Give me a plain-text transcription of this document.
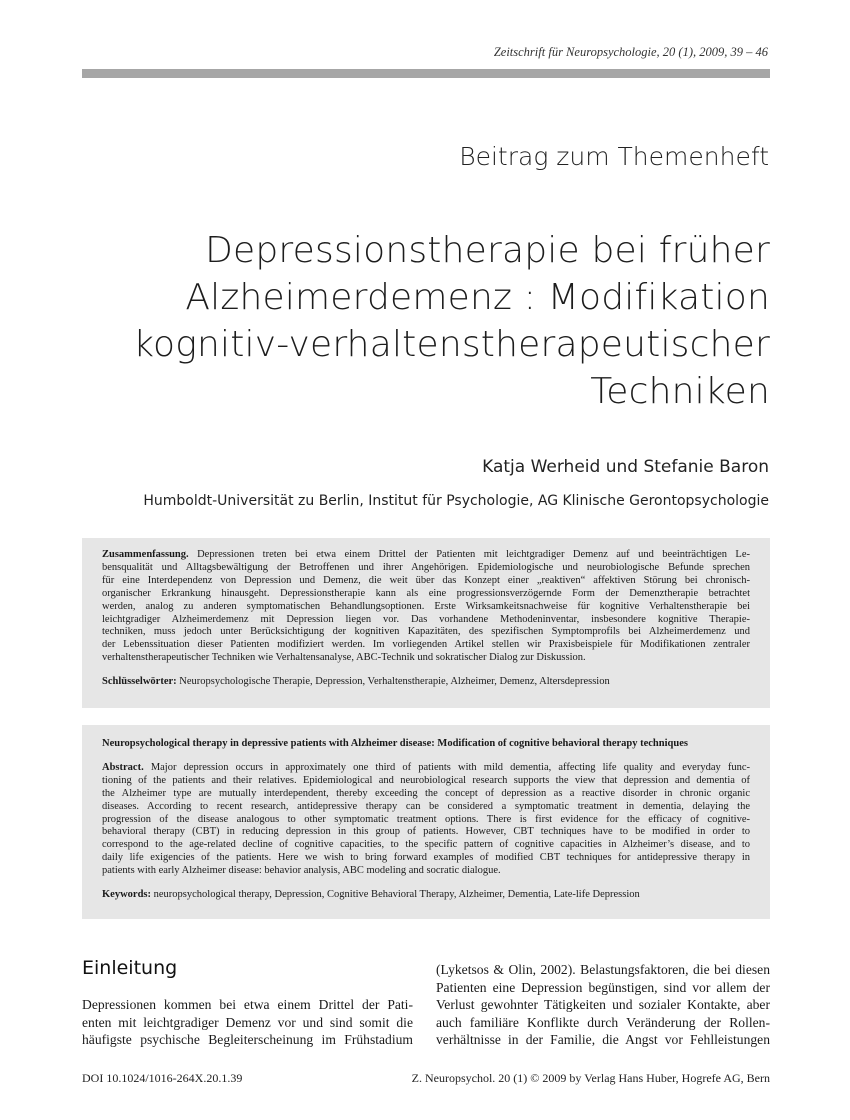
Zeitschrift für Neuropsychologie, 20 (1), 2009, 39 – 46
Beitrag zum Themenheft
Depressionstherapie bei früher
Alzheimerdemenz : Modifikation
kognitiv-verhaltenstherapeutischer
Techniken
Katja Werheid und Stefanie Baron
Humboldt-Universität zu Berlin, Institut für Psychologie, AG Klinische Gerontopsychologie

Zusammenfassung. Depressionen treten bei etwa einem Drittel der Patienten mit leichtgradiger Demenz auf und beeinträchtigen Le-
bensqualität und Alltagsbewältigung der Betroffenen und ihrer Angehörigen. Epidemiologische und neurobiologische Befunde sprechen
für eine Interdependenz von Depression und Demenz, die weit über das Konzept einer „reaktiven“ affektiven Störung bei chronisch-
organischer Erkrankung hinausgeht. Depressionstherapie kann als eine progressionsverzögernde Form der Demenztherapie betrachtet
werden, analog zu anderen symptomatischen Behandlungsoptionen. Erste Wirksamkeitsnachweise für kognitive Verhaltenstherapie bei
leichtgradiger Alzheimerdemenz mit Depression liegen vor. Das vorhandene Methodeninventar, insbesondere kognitive Therapie-
techniken, muss jedoch unter Berücksichtigung der kognitiven Kapazitäten, des spezifischen Symptomprofils bei Alzheimerdemenz und
der Lebenssituation dieser Patienten modifiziert werden. Im vorliegenden Artikel stellen wir Praxisbeispiele für Modifikationen zentraler
verhaltenstherapeutischer Techniken wie Verhaltensanalyse, ABC-Technik und sokratischer Dialog zur Diskussion.

Schlüsselwörter: Neuropsychologische Therapie, Depression, Verhaltenstherapie, Alzheimer, Demenz, Altersdepression

Neuropsychological therapy in depressive patients with Alzheimer disease: Modification of cognitive behavioral therapy techniques

Abstract. Major depression occurs in approximately one third of patients with mild dementia, affecting life quality and everyday func-
tioning of the patients and their relatives. Epidemiological and neurobiological research supports the view that depression and dementia of
the Alzheimer type are mutually interdependent, thereby exceeding the concept of depression as a reactive disorder in chronic organic
diseases. According to recent research, antidepressive therapy can be considered a symptomatic treatment in dementia, delaying the
progression of the disease analogous to other symptomatic treatment options. There is first evidence for the efficacy of cognitive-
behavioral therapy (CBT) in reducing depression in this group of patients. However, CBT techniques have to be modified in order to
correspond to the age-related decline of cognitive capacities, to the specific pattern of cognitive capacities in Alzheimer’s disease, and to
daily life exigencies of the patients. Here we wish to bring forward examples of modified CBT techniques for antidepressive therapy in
patients with early Alzheimer disease: behavior analysis, ABC modeling and socratic dialogue.

Keywords: neuropsychological therapy, Depression, Cognitive Behavioral Therapy, Alzheimer, Dementia, Late-life Depression

Einleitung
Depressionen kommen bei etwa einem Drittel der Pati-
enten mit leichtgradiger Demenz vor und sind somit die
häufigste psychische Begleiterscheinung im Frühstadium
(Lyketsos & Olin, 2002). Belastungsfaktoren, die bei diesen
Patienten eine Depression begünstigen, sind vor allem der
Verlust gewohnter Tätigkeiten und sozialer Kontakte, aber
auch familiäre Konflikte durch Veränderung der Rollen-
verhältnisse in der Familie, die Angst vor Fehlleistungen
DOI 10.1024/1016-264X.20.1.39	Z. Neuropsychol. 20 (1) © 2009 by Verlag Hans Huber, Hogrefe AG, Bern
